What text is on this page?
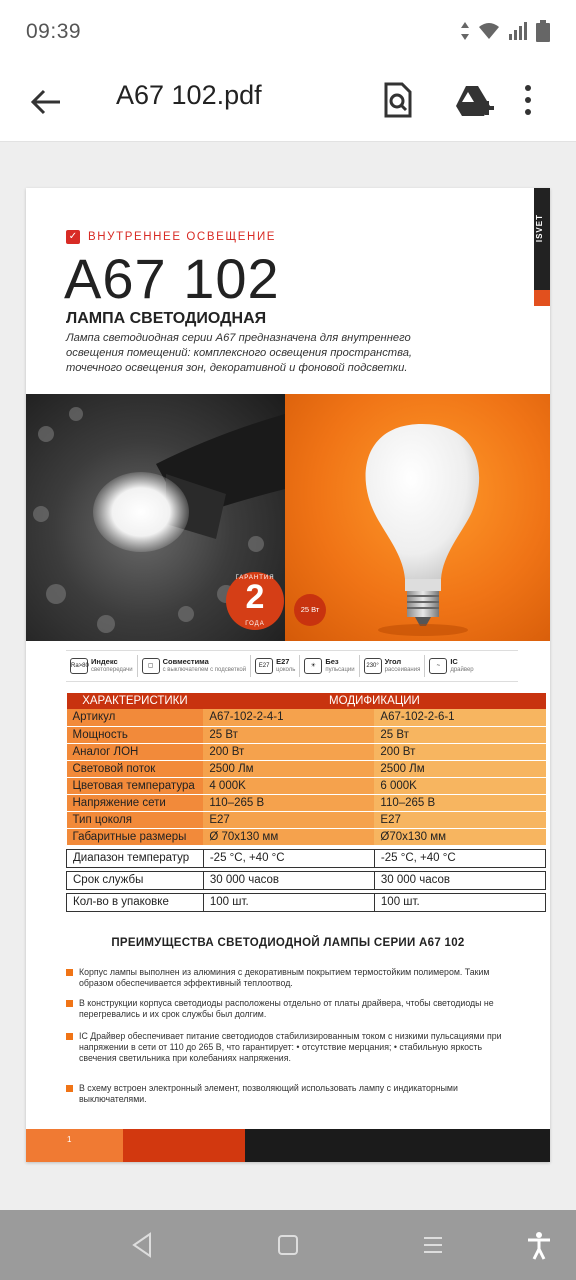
09:39
A67 102.pdf
ISVET
✓ ВНУТРЕННЕЕ ОСВЕЩЕНИЕ
А67 102
ЛАМПА СВЕТОДИОДНАЯ
Лампа светодиодная серии А67 предназначена для внутреннего освещения помещений: комплексного освещения пространства, точечного освещения зон, декоративной и фоновой подсветки.
ГАРАНТИЯ
2
ГОДА
25 Вт
Ra>80 Индекс
светопередачи
▢	Совместима
с выключателем с подсветкой
E27 E27
цоколь
☀	Без
пульсации
230° Угол
рассеивания
~	IC
драйвер
ХАРАКТЕРИСТИКИ	МОДИФИКАЦИИ	
Артикул	А67-102-2-4-1	А67-102-2-6-1
Мощность	25 Вт	25 Вт
Аналог ЛОН	200 Вт	200 Вт
Световой поток	2500 Лм	2500 Лм
Цветовая температура	4 000K	6 000K
Напряжение сети	110–265 В	110–265 В
Тип цоколя	E27	E27
Габаритные размеры	Ø 70х130 мм	Ø70х130 мм

Диапазон температур	-25 °С, +40 °С	-25 °С, +40 °С

Срок службы	30 000 часов	30 000 часов

Кол-во в упаковке	100 шт.	100 шт.
ПРЕИМУЩЕСТВА СВЕТОДИОДНОЙ ЛАМПЫ СЕРИИ А67 102
Корпус лампы выполнен из алюминия с декоративным покрытием термостойким полимером. Таким образом обеспечивается эффективный теплоотвод.
В конструкции корпуса светодиоды расположены отдельно от платы драйвера, чтобы светодиоды не перегревались и их срок службы был долгим.
IC Драйвер обеспечивает питание светодиодов стабилизированным током с низкими пульсациями при напряжении в сети от 110 до 265 В, что гарантирует: • отсутствие мерцания; • стабильную яркость свечения светильника при колебаниях напряжения.
В схему встроен электронный элемент, позволяющий использовать лампу с индикаторными выключателями.
1
